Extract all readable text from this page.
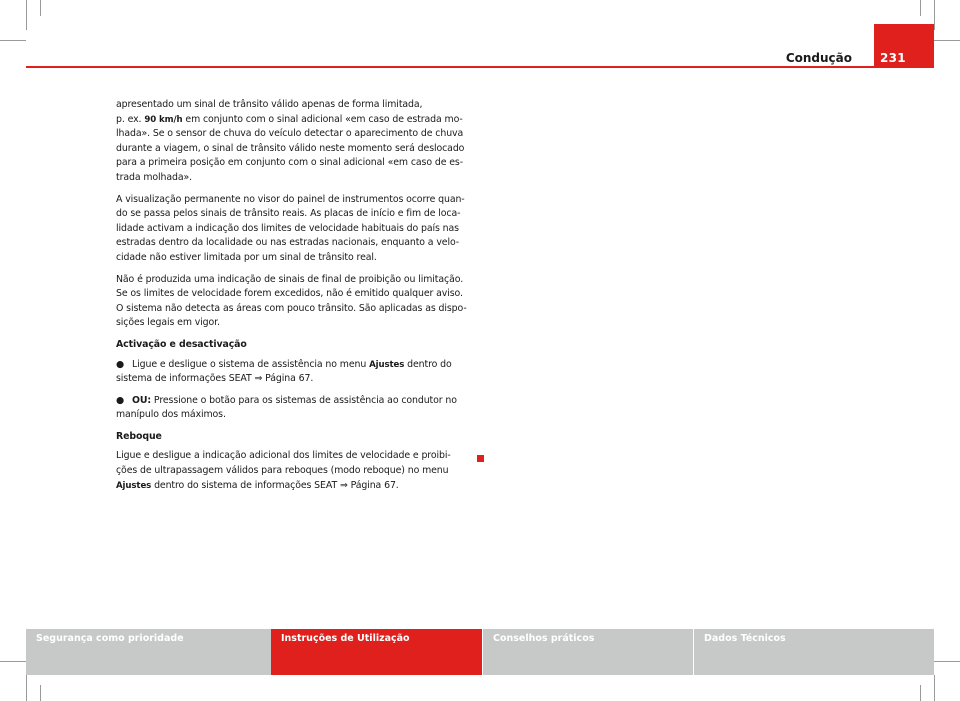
231
Condução

apresentado um sinal de trânsito válido apenas de forma limitada,
p. ex. 90 km/h em conjunto com o sinal adicional «em caso de estrada mo-
lhada». Se o sensor de chuva do veículo detectar o aparecimento de chuva
durante a viagem, o sinal de trânsito válido neste momento será deslocado
para a primeira posição em conjunto com o sinal adicional «em caso de es-
trada molhada».

A visualização permanente no visor do painel de instrumentos ocorre quan-
do se passa pelos sinais de trânsito reais. As placas de início e fim de loca-
lidade activam a indicação dos limites de velocidade habituais do país nas
estradas dentro da localidade ou nas estradas nacionais, enquanto a velo-
cidade não estiver limitada por um sinal de trânsito real.

Não é produzida uma indicação de sinais de final de proibição ou limitação.
Se os limites de velocidade forem excedidos, não é emitido qualquer aviso.
O sistema não detecta as áreas com pouco trânsito. São aplicadas as dispo-
sições legais em vigor.

Activação e desactivação

● Ligue e desligue o sistema de assistência no menu Ajustes dentro do sistema de informações SEAT ⇒ Página 67.

● OU: Pressione o botão para os sistemas de assistência ao condutor no manípulo dos máximos.

Reboque

Ligue e desligue a indicação adicional dos limites de velocidade e proibi-
ções de ultrapassagem válidos para reboques (modo reboque) no menu
Ajustes dentro do sistema de informações SEAT ⇒ Página 67.

Segurança como prioridade	Instruções de Utilização	Conselhos práticos	Dados Técnicos
